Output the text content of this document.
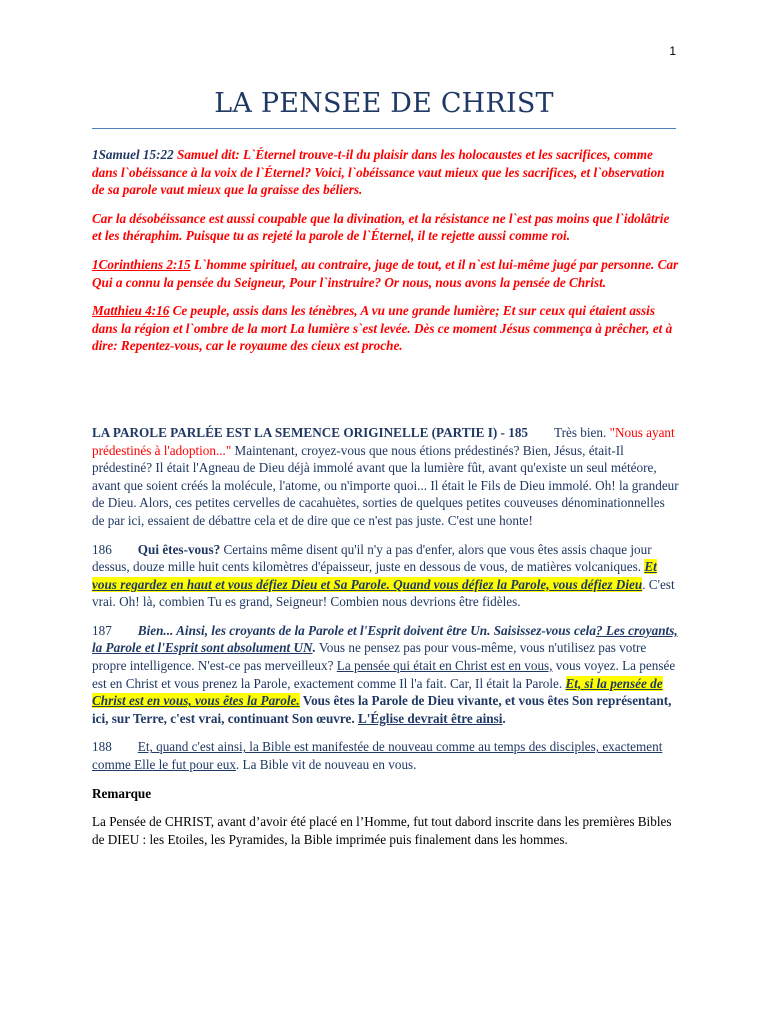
1
LA PENSEE DE CHRIST

1Samuel 15:22 Samuel dit: L`Éternel trouve-t-il du plaisir dans les holocaustes et les sacrifices, comme dans l`obéissance à la voix de l`Éternel? Voici, l`obéissance vaut mieux que les sacrifices, et l`observation de sa parole vaut mieux que la graisse des béliers.

Car la désobéissance est aussi coupable que la divination, et la résistance ne l`est pas moins que l`idolâtrie et les théraphim. Puisque tu as rejeté la parole de l`Éternel, il te rejette aussi comme roi.

1Corinthiens 2:15 L`homme spirituel, au contraire, juge de tout, et il n`est lui-même jugé par personne. Car Qui a connu la pensée du Seigneur, Pour l`instruire? Or nous, nous avons la pensée de Christ.

Matthieu 4:16 Ce peuple, assis dans les ténèbres, A vu une grande lumière; Et sur ceux qui étaient assis dans la région et l`ombre de la mort La lumière s`est levée. Dès ce moment Jésus commença à prêcher, et à dire: Repentez-vous, car le royaume des cieux est proche.

LA PAROLE PARLÉE EST LA SEMENCE ORIGINELLE (PARTIE I) - 185 Très bien. "Nous ayant prédestinés à l'adoption..." Maintenant, croyez-vous que nous étions prédestinés? Bien, Jésus, était-Il prédestiné? Il était l'Agneau de Dieu déjà immolé avant que la lumière fût, avant qu'existe un seul météore, avant que soient créés la molécule, l'atome, ou n'importe quoi... Il était le Fils de Dieu immolé. Oh! la grandeur de Dieu. Alors, ces petites cervelles de cacahuètes, sorties de quelques petites couveuses dénominationnelles de par ici, essaient de débattre cela et de dire que ce n'est pas juste. C'est une honte!

186 Qui êtes-vous? Certains même disent qu'il n'y a pas d'enfer, alors que vous êtes assis chaque jour dessus, douze mille huit cents kilomètres d'épaisseur, juste en dessous de vous, de matières volcaniques. Et vous regardez en haut et vous défiez Dieu et Sa Parole. Quand vous défiez la Parole, vous défiez Dieu. C'est vrai. Oh! là, combien Tu es grand, Seigneur! Combien nous devrions être fidèles.

187 Bien... Ainsi, les croyants de la Parole et l'Esprit doivent être Un. Saisissez-vous cela? Les croyants, la Parole et l'Esprit sont absolument UN. Vous ne pensez pas pour vous-même, vous n'utilisez pas votre propre intelligence. N'est-ce pas merveilleux? La pensée qui était en Christ est en vous, vous voyez. La pensée est en Christ et vous prenez la Parole, exactement comme Il l'a fait. Car, Il était la Parole. Et, si la pensée de Christ est en vous, vous êtes la Parole. Vous êtes la Parole de Dieu vivante, et vous êtes Son représentant, ici, sur Terre, c'est vrai, continuant Son œuvre. L'Église devrait être ainsi.

188 Et, quand c'est ainsi, la Bible est manifestée de nouveau comme au temps des disciples, exactement comme Elle le fut pour eux. La Bible vit de nouveau en vous.

Remarque

La Pensée de CHRIST, avant d’avoir été placé en l’Homme, fut tout dabord inscrite dans les premières Bibles de DIEU : les Etoiles, les Pyramides, la Bible imprimée puis finalement dans les hommes.
